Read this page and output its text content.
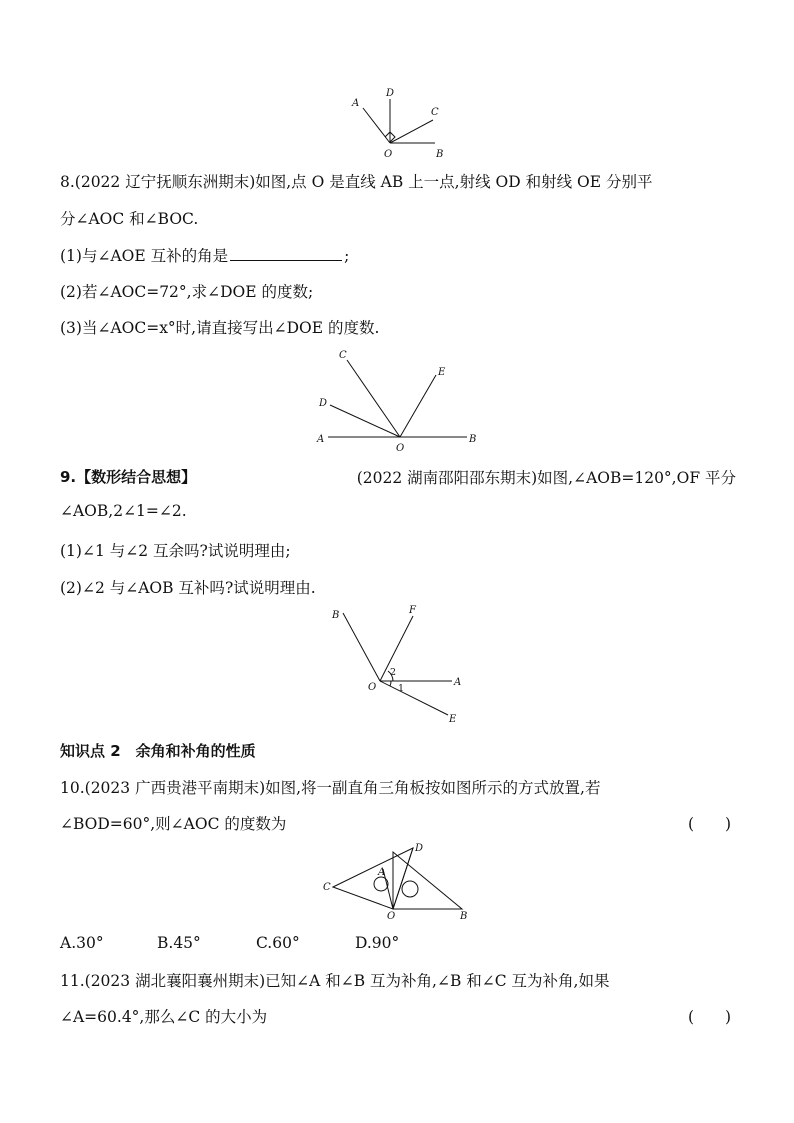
A
D
C
O	B
8.(2022 辽宁抚顺东洲期末)如图,点 O 是直线 AB 上一点,射线 OD 和射线 OE 分别平
分∠AOC 和∠BOC.
(1)与∠AOE 互补的角是	;
(2)若∠AOC=72°,求∠DOE 的度数;
(3)当∠AOC=x°时,请直接写出∠DOE 的度数.
C
E
D
A
O
B
9.【数形结合思想】	(2022 湖南邵阳邵东期末)如图,∠AOB=120°,OF 平分
∠AOB,2∠1=∠2.
(1)∠1 与∠2 互余吗?试说明理由;
(2)∠2 与∠AOB 互补吗?试说明理由.
B	F
2
1
O	A
E
知识点 2　余角和补角的性质
10.(2023 广西贵港平南期末)如图,将一副直角三角板按如图所示的方式放置,若
∠BOD=60°,则∠AOC 的度数为	(　　)
D
A
C
O	B
A.30°	B.45°	C.60°	D.90°
11.(2023 湖北襄阳襄州期末)已知∠A 和∠B 互为补角,∠B 和∠C 互为补角,如果
∠A=60.4°,那么∠C 的大小为	(　　)
